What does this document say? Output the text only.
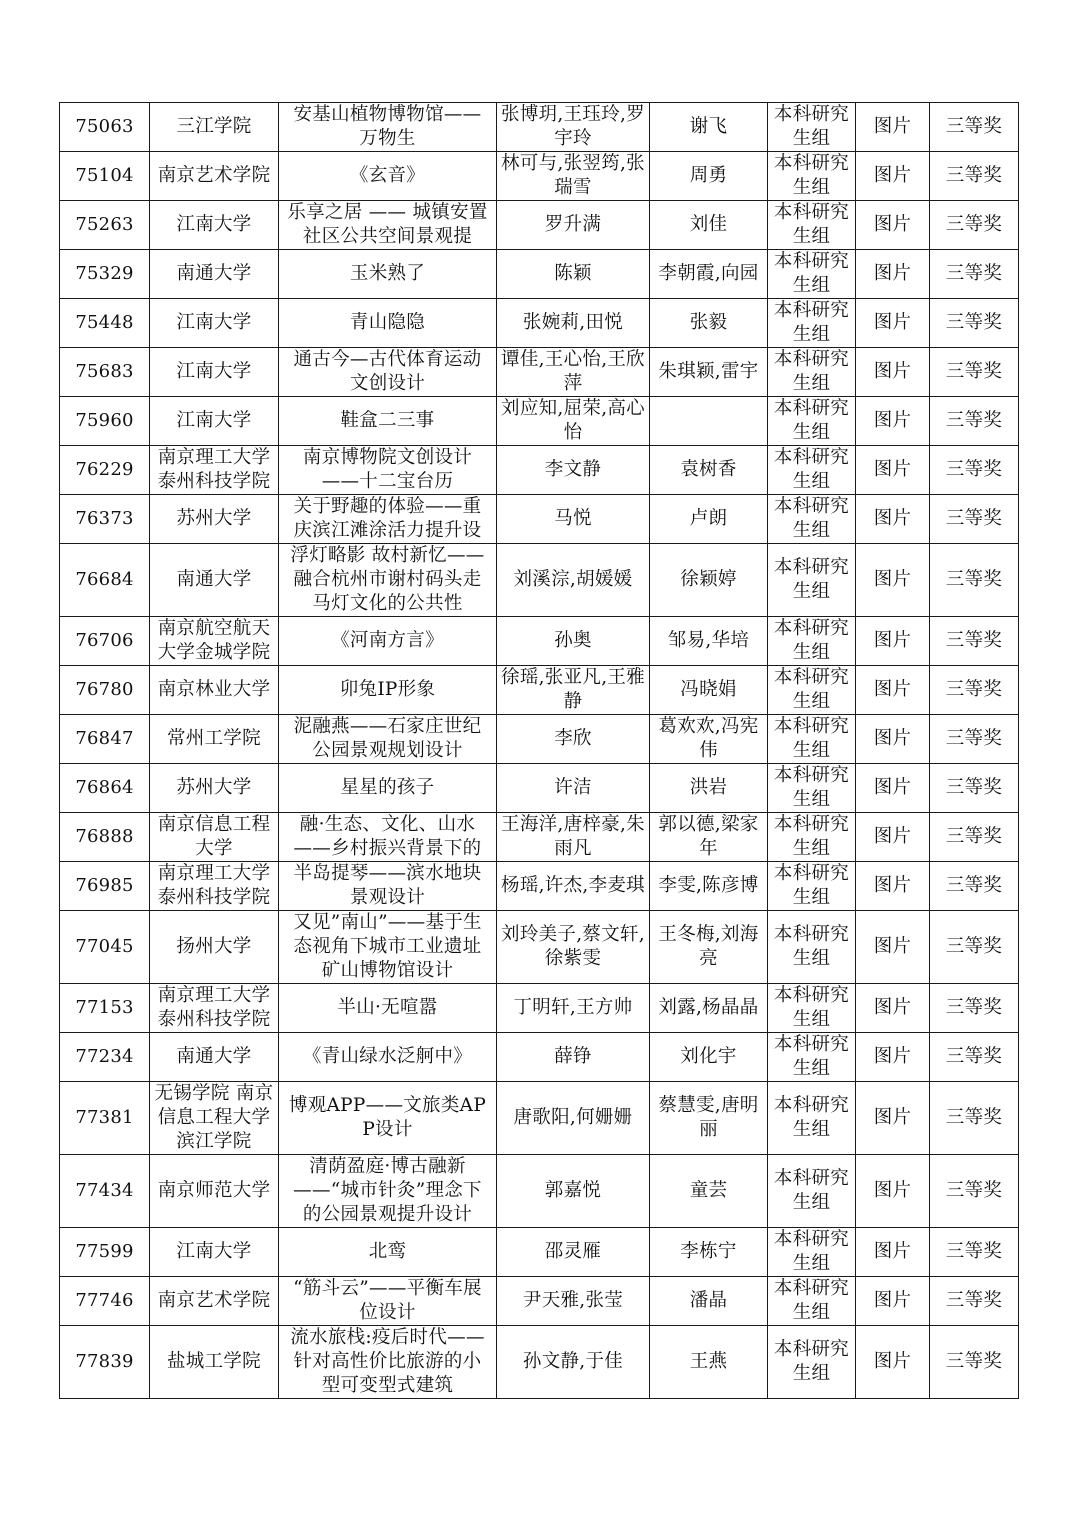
75063	三江学院	安基山植物博物馆——万物生	张博玥,王珏玲,罗宇玲	谢飞	本科研究生组	图片	三等奖

75104	南京艺术学院	《玄音》	林可与,张翌筠,张瑞雪	周勇	本科研究生组	图片	三等奖

75263	江南大学	乐享之居 —— 城镇安置社区公共空间景观提	罗升满	刘佳	本科研究生组	图片	三等奖

75329	南通大学	玉米熟了	陈颖	李朝霞,向园	本科研究生组	图片	三等奖

75448	江南大学	青山隐隐	张婉莉,田悦	张毅	本科研究生组	图片	三等奖

75683	江南大学	通古今—古代体育运动文创设计	谭佳,王心怡,王欣萍	朱琪颖,雷宇	本科研究生组	图片	三等奖

75960	江南大学	鞋盒二三事	刘应知,屈荣,高心怡		本科研究生组	图片	三等奖

76229	南京理工大学泰州科技学院	南京博物院文创设计——十二宝台历	李文静	袁树香	本科研究生组	图片	三等奖

76373	苏州大学	关于野趣的体验——重庆滨江滩涂活力提升设	马悦	卢朗	本科研究生组	图片	三等奖

76684	南通大学	浮灯略影 故村新忆——融合杭州市谢村码头走马灯文化的公共性	刘溪淙,胡媛媛	徐颖婷	本科研究生组	图片	三等奖

76706	南京航空航天大学金城学院	《河南方言》	孙奥	邹易,华培	本科研究生组	图片	三等奖

76780	南京林业大学	卯兔IP形象	徐瑶,张亚凡,王雅静	冯晓娟	本科研究生组	图片	三等奖

76847	常州工学院	泥融燕——石家庄世纪公园景观规划设计	李欣	葛欢欢,冯宪伟	本科研究生组	图片	三等奖

76864	苏州大学	星星的孩子	许洁	洪岩	本科研究生组	图片	三等奖

76888	南京信息工程大学	融·生态、文化、山水——乡村振兴背景下的	王海洋,唐梓豪,朱雨凡	郭以德,梁家年	本科研究生组	图片	三等奖

76985	南京理工大学泰州科技学院	半岛提琴——滨水地块景观设计	杨瑶,许杰,李麦琪	李雯,陈彦博	本科研究生组	图片	三等奖

77045	扬州大学	又见”南山”——基于生态视角下城市工业遗址矿山博物馆设计	刘玲美子,蔡文轩,徐紫雯	王冬梅,刘海亮	本科研究生组	图片	三等奖

77153	南京理工大学泰州科技学院	半山·无喧嚣	丁明轩,王方帅	刘露,杨晶晶	本科研究生组	图片	三等奖

77234	南通大学	《青山绿水泛舸中》	薛铮	刘化宇	本科研究生组	图片	三等奖

77381	无锡学院 南京信息工程大学滨江学院	博观APP——文旅类APP设计	唐歌阳,何姗姗	蔡慧雯,唐明丽	本科研究生组	图片	三等奖

77434	南京师范大学	清荫盈庭·博古融新——“城市针灸”理念下的公园景观提升设计	郭嘉悦	童芸	本科研究生组	图片	三等奖

77599	江南大学	北鸾	邵灵雁	李栋宁	本科研究生组	图片	三等奖

77746	南京艺术学院	“筋斗云”——平衡车展位设计	尹天雅,张莹	潘晶	本科研究生组	图片	三等奖

77839	盐城工学院	流水旅栈:疫后时代——针对高性价比旅游的小型可变型式建筑	孙文静,于佳	王燕	本科研究生组	图片	三等奖
